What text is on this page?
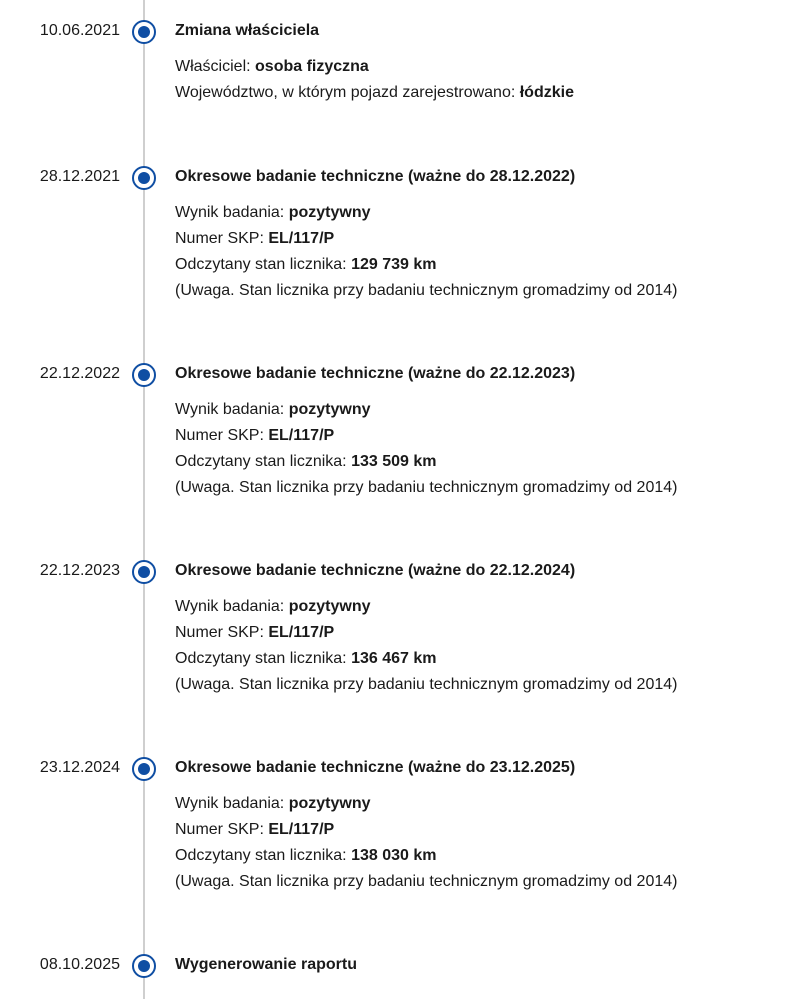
10.06.2021	Zmiana właściciela
Właściciel: osoba fizyczna
Województwo, w którym pojazd zarejestrowano: łódzkie
28.12.2021	Okresowe badanie techniczne (ważne do 28.12.2022)
Wynik badania: pozytywny
Numer SKP: EL/117/P
Odczytany stan licznika: 129 739 km
(Uwaga. Stan licznika przy badaniu technicznym gromadzimy od 2014)
22.12.2022	Okresowe badanie techniczne (ważne do 22.12.2023)
Wynik badania: pozytywny
Numer SKP: EL/117/P
Odczytany stan licznika: 133 509 km
(Uwaga. Stan licznika przy badaniu technicznym gromadzimy od 2014)
22.12.2023	Okresowe badanie techniczne (ważne do 22.12.2024)
Wynik badania: pozytywny
Numer SKP: EL/117/P
Odczytany stan licznika: 136 467 km
(Uwaga. Stan licznika przy badaniu technicznym gromadzimy od 2014)
23.12.2024	Okresowe badanie techniczne (ważne do 23.12.2025)
Wynik badania: pozytywny
Numer SKP: EL/117/P
Odczytany stan licznika: 138 030 km
(Uwaga. Stan licznika przy badaniu technicznym gromadzimy od 2014)
08.10.2025	Wygenerowanie raportu
